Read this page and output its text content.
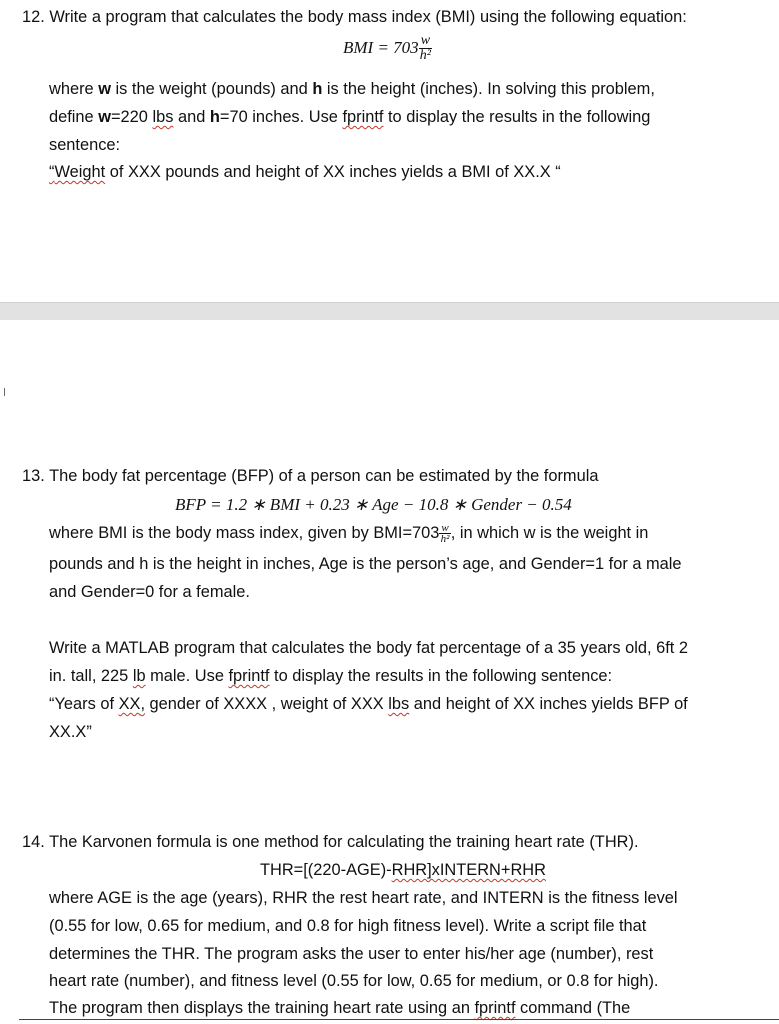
12. Write a program that calculates the body mass index (BMI) using the following equation:
BMI = $703 \frac{w}{\text{h²}}$
where w is the weight (pounds) and h is the height (inches). In solving this problem,
define w=220 lbs and h=70 inches. Use fprintf to display the results in the following
sentence:
“Weight of XXX pounds and height of XX inches yields a BMI of XX.X “
13. The body fat percentage (BFP) of a person can be estimated by the formula
BFP = 1.2 ∗ BMI + 0.23 ∗ Age − 10.8 ∗ Gender − 0.54
where BMI is the body mass index, given by $BMI=703 \frac{w}{\text{h²}}$ , in which w is the weight in
pounds and h is the height in inches, Age is the person’s age, and Gender=1 for a male
and Gender=0 for a female.
Write a MATLAB program that calculates the body fat percentage of a 35 years old, 6ft 2
in. tall, 225 lb male. Use fprintf to display the results in the following sentence:
“Years of XX, gender of XXXX , weight of XXX lbs and height of XX inches yields BFP of
XX.X”
14. The Karvonen formula is one method for calculating the training heart rate (THR).
THR=[(220-AGE)-RHR]xINTERN+RHR
where AGE is the age (years), RHR the rest heart rate, and INTERN is the fitness level
(0.55 for low, 0.65 for medium, and 0.8 for high fitness level). Write a script file that
determines the THR. The program asks the user to enter his/her age (number), rest
heart rate (number), and fitness level (0.55 for low, 0.65 for medium, or 0.8 for high).
The program then displays the training heart rate using an fprintf command (The
